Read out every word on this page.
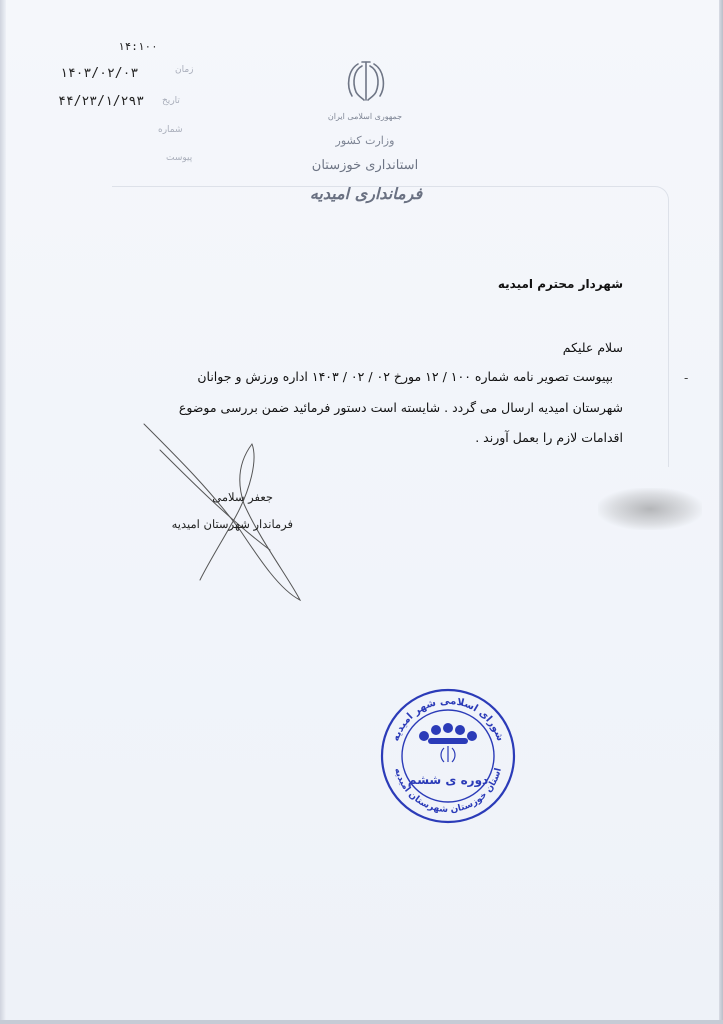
۱۴:۱۰۰
۱۴۰۳/۰۲/۰۳
۴۴/۲۳/۱/۲۹۳
زمان
تاریخ
شماره
پیوست
جمهوری اسلامی ایران
وزارت کشور
استانداری خوزستان
فرمانداری امیدیه
شهردار محترم امیدیه
سلام علیکم
بپیوست تصویر نامه شماره ۱۰۰ / ۱۲ مورخ ۰۲ / ۰۲ / ۱۴۰۳ اداره ورزش و جوانان
شهرستان امیدیه ارسال می گردد . شایسته است دستور فرمائید ضمن بررسی موضوع
اقدامات لازم را بعمل آورند .
جعفر سلامی
فرماندار شهرستان امیدیه
-
شورای اسلامی شهر امیدیه
استان خوزستان شهرستان امیدیه
دوره ی ششم
